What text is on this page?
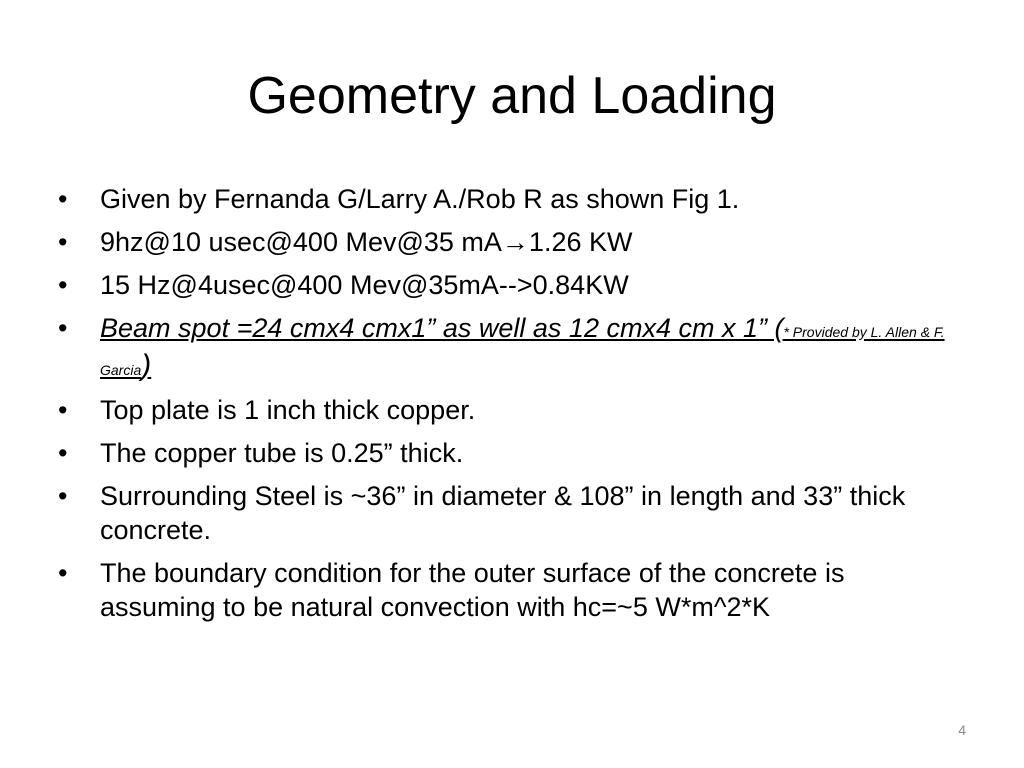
Geometry and Loading
• Given by Fernanda G/Larry A./Rob R as shown Fig 1.
• 9hz@10 usec@400 Mev@35 mA→1.26 KW
• 15 Hz@4usec@400 Mev@35mA-->0.84KW
• Beam spot =24 cmx4 cmx1” as well as 12 cmx4 cm x 1” (* Provided by L. Allen & F. Garcia)
• Top plate is 1 inch thick copper.
• The copper tube is 0.25” thick.
• Surrounding Steel is ~36” in diameter & 108” in length and 33” thick concrete.
• The boundary condition for the outer surface of the concrete is assuming to be natural convection with hc=~5 W*m^2*K
4
